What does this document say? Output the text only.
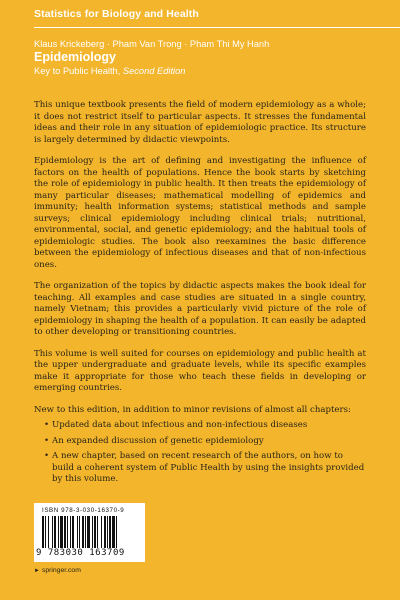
Statistics for Biology and Health
Klaus Krickeberg · Pham Van Trong · Pham Thi My Hanh
Epidemiology
Key to Public Health, Second Edition

This unique textbook presents the field of modern epidemiology as a whole; it does not restrict itself to particular aspects. It stresses the fundamental ideas and their role in any situation of epidemiologic practice. Its structure is largely determined by didactic viewpoints.

Epidemiology is the art of defining and investigating the influence of factors on the health of populations. Hence the book starts by sketching the role of epidemiology in public health. It then treats the epidemiology of many particular diseases; mathematical modelling of epidemics and immunity; health information systems; statistical methods and sample surveys; clinical epidemiology including clinical trials; nutritional, environmental, social, and genetic epidemiology; and the habitual tools of epidemiologic studies. The book also reexamines the basic difference between the epidemiology of infectious diseases and that of non-infectious ones.

The organization of the topics by didactic aspects makes the book ideal for teaching. All examples and case studies are situated in a single country, namely Vietnam; this provides a particularly vivid picture of the role of epidemiology in shaping the health of a population. It can easily be adapted to other developing or transitioning countries.

This volume is well suited for courses on epidemiology and public health at the upper undergraduate and graduate levels, while its specific examples make it appropriate for those who teach these fields in developing or emerging countries.

New to this edition, in addition to minor revisions of almost all chapters:

• Updated data about infectious and non-infectious diseases
• An expanded discussion of genetic epidemiology
• A new chapter, based on recent research of the authors, on how to build a coherent system of Public Health by using the insights provided by this volume.
ISBN 978-3-030-16370-9
9 783030 163709
► springer.com
